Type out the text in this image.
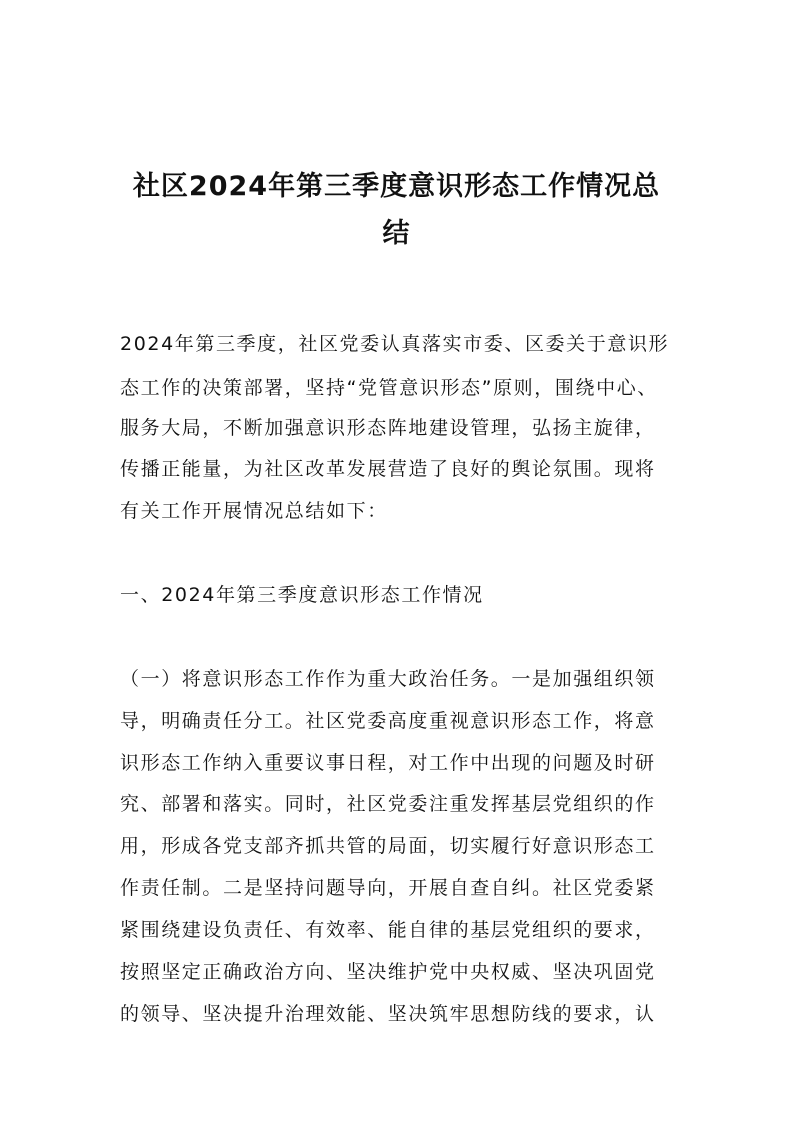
社区2024年第三季度意识形态工作情况总
结

2024年第三季度，社区党委认真落实市委、区委关于意识形

态工作的决策部署，坚持“党管意识形态”原则，围绕中心、

服务大局，不断加强意识形态阵地建设管理，弘扬主旋律，

传播正能量，为社区改革发展营造了良好的舆论氛围。现将

有关工作开展情况总结如下：

一、2024年第三季度意识形态工作情况

（一）将意识形态工作作为重大政治任务。一是加强组织领

导，明确责任分工。社区党委高度重视意识形态工作，将意

识形态工作纳入重要议事日程，对工作中出现的问题及时研

究、部署和落实。同时，社区党委注重发挥基层党组织的作

用，形成各党支部齐抓共管的局面，切实履行好意识形态工

作责任制。二是坚持问题导向，开展自查自纠。社区党委紧

紧围绕建设负责任、有效率、能自律的基层党组织的要求，

按照坚定正确政治方向、坚决维护党中央权威、坚决巩固党

的领导、坚决提升治理效能、坚决筑牢思想防线的要求，认
